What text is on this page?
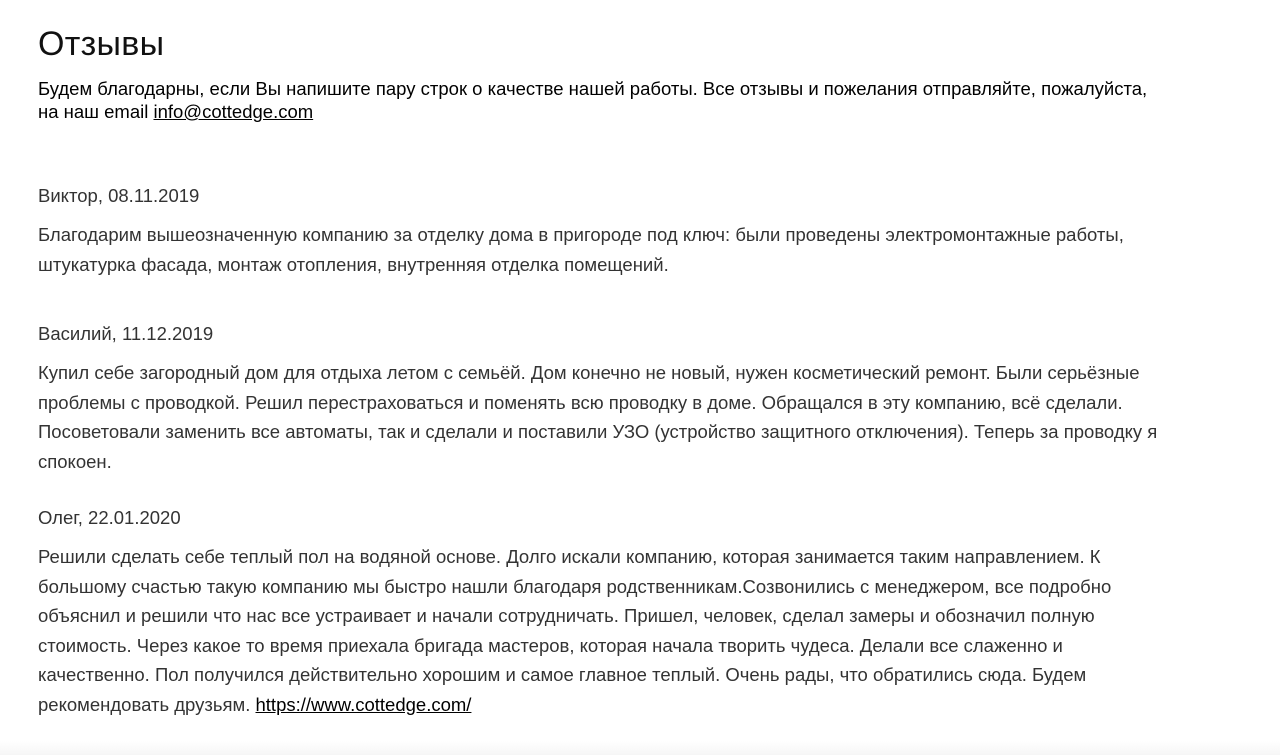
Отзывы
Будем благодарны, если Вы напишите пару строк о качестве нашей работы. Все отзывы и пожелания отправляйте, пожалуйста, на наш email info@cottedge.com
Виктор, 08.11.2019
Благодарим вышеозначенную компанию за отделку дома в пригороде под ключ: были проведены электромонтажные работы, штукатурка фасада, монтаж отопления, внутренняя отделка помещений.
Василий, 11.12.2019
Купил себе загородный дом для отдыха летом с семьёй. Дом конечно не новый, нужен косметический ремонт. Были серьёзные проблемы с проводкой. Решил перестраховаться и поменять всю проводку в доме. Обращался в эту компанию, всё сделали. Посоветовали заменить все автоматы, так и сделали и поставили УЗО (устройство защитного отключения). Теперь за проводку я спокоен.
Олег, 22.01.2020
Решили сделать себе теплый пол на водяной основе. Долго искали компанию, которая занимается таким направлением. К большому счастью такую компанию мы быстро нашли благодаря родственникам.Созвонились с менеджером, все подробно объяснил и решили что нас все устраивает и начали сотрудничать. Пришел, человек, сделал замеры и обозначил полную стоимость. Через какое то время приехала бригада мастеров, которая начала творить чудеса. Делали все слаженно и качественно. Пол получился действительно хорошим и самое главное теплый. Очень рады, что обратились сюда. Будем рекомендовать друзьям. https://www.cottedge.com/
